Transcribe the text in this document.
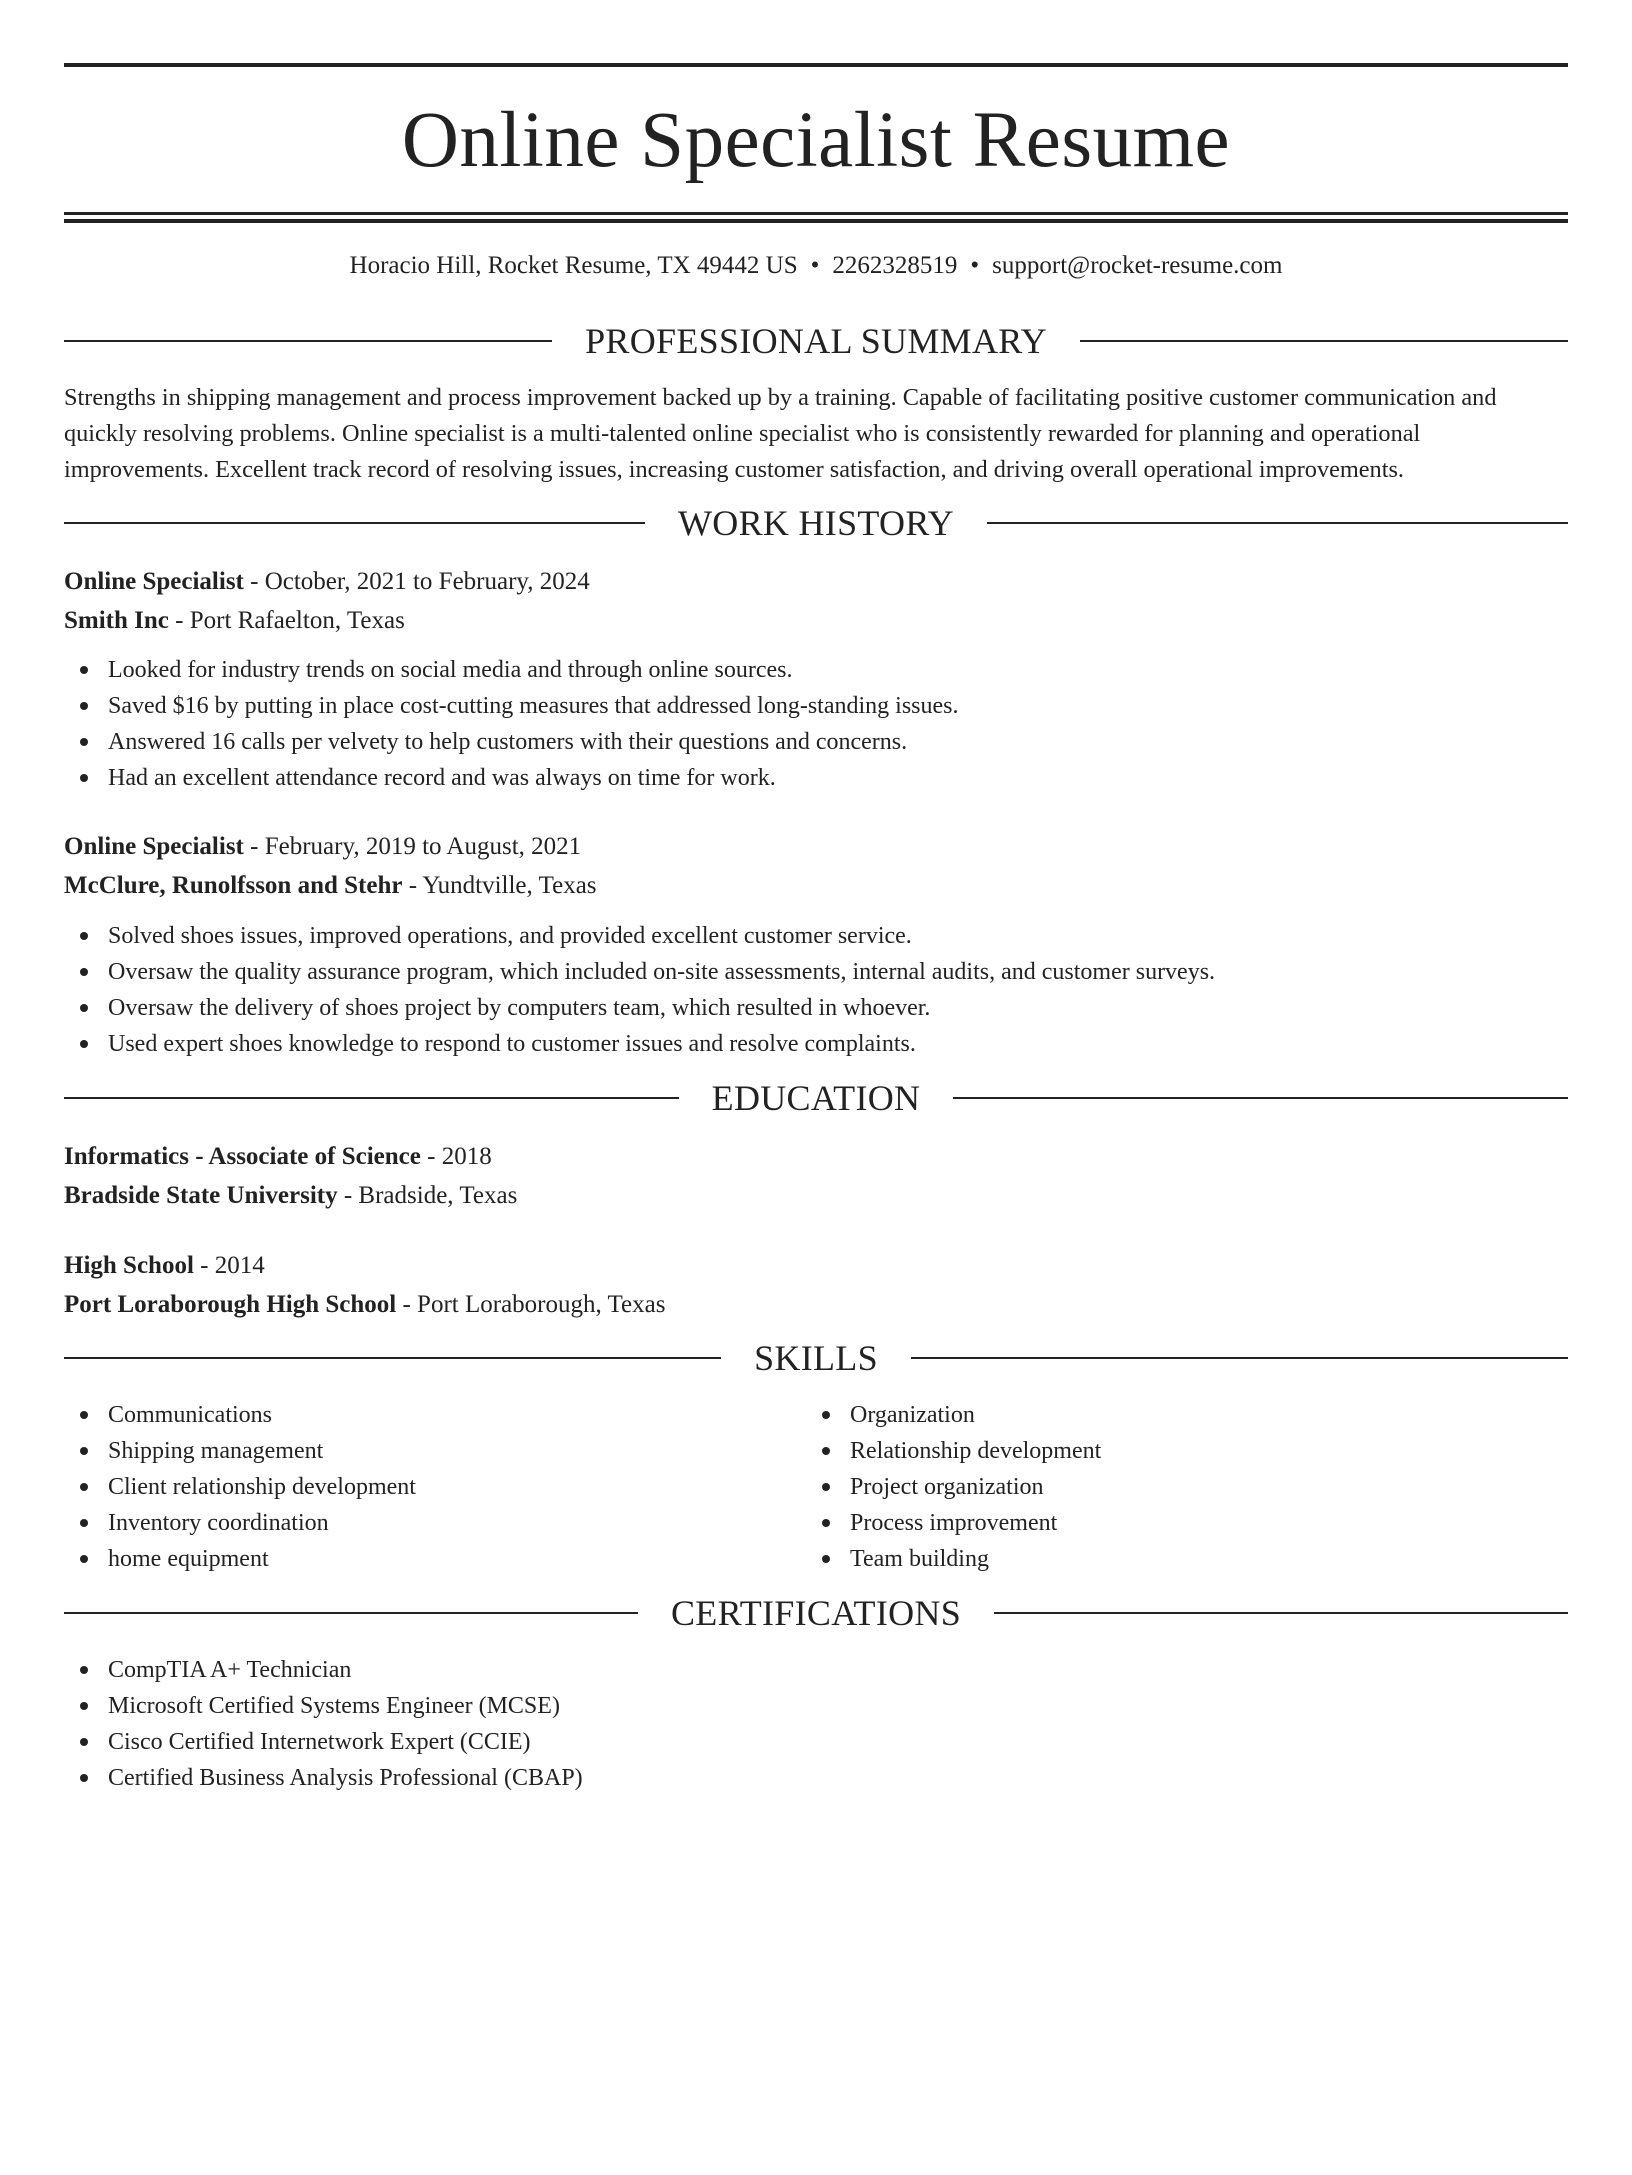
Online Specialist Resume
Horacio Hill, Rocket Resume, TX 49442 US • 2262328519 • support@rocket-resume.com
PROFESSIONAL SUMMARY

Strengths in shipping management and process improvement backed up by a training. Capable of facilitating positive customer communication and quickly resolving problems. Online specialist is a multi-talented online specialist who is consistently rewarded for planning and operational improvements. Excellent track record of resolving issues, increasing customer satisfaction, and driving overall operational improvements.

WORK HISTORY
Online Specialist - October, 2021 to February, 2024
Smith Inc - Port Rafaelton, Texas
Looked for industry trends on social media and through online sources.
Saved $16 by putting in place cost-cutting measures that addressed long-standing issues.
Answered 16 calls per velvety to help customers with their questions and concerns.
Had an excellent attendance record and was always on time for work.
Online Specialist - February, 2019 to August, 2021
McClure, Runolfsson and Stehr - Yundtville, Texas
Solved shoes issues, improved operations, and provided excellent customer service.
Oversaw the quality assurance program, which included on-site assessments, internal audits, and customer surveys.
Oversaw the delivery of shoes project by computers team, which resulted in whoever.
Used expert shoes knowledge to respond to customer issues and resolve complaints.
EDUCATION
Informatics - Associate of Science - 2018
Bradside State University - Bradside, Texas
High School - 2014
Port Loraborough High School - Port Loraborough, Texas
SKILLS
Communications
Shipping management
Client relationship development
Inventory coordination
home equipment
Organization
Relationship development
Project organization
Process improvement
Team building
CERTIFICATIONS
CompTIA A+ Technician
Microsoft Certified Systems Engineer (MCSE)
Cisco Certified Internetwork Expert (CCIE)
Certified Business Analysis Professional (CBAP)
